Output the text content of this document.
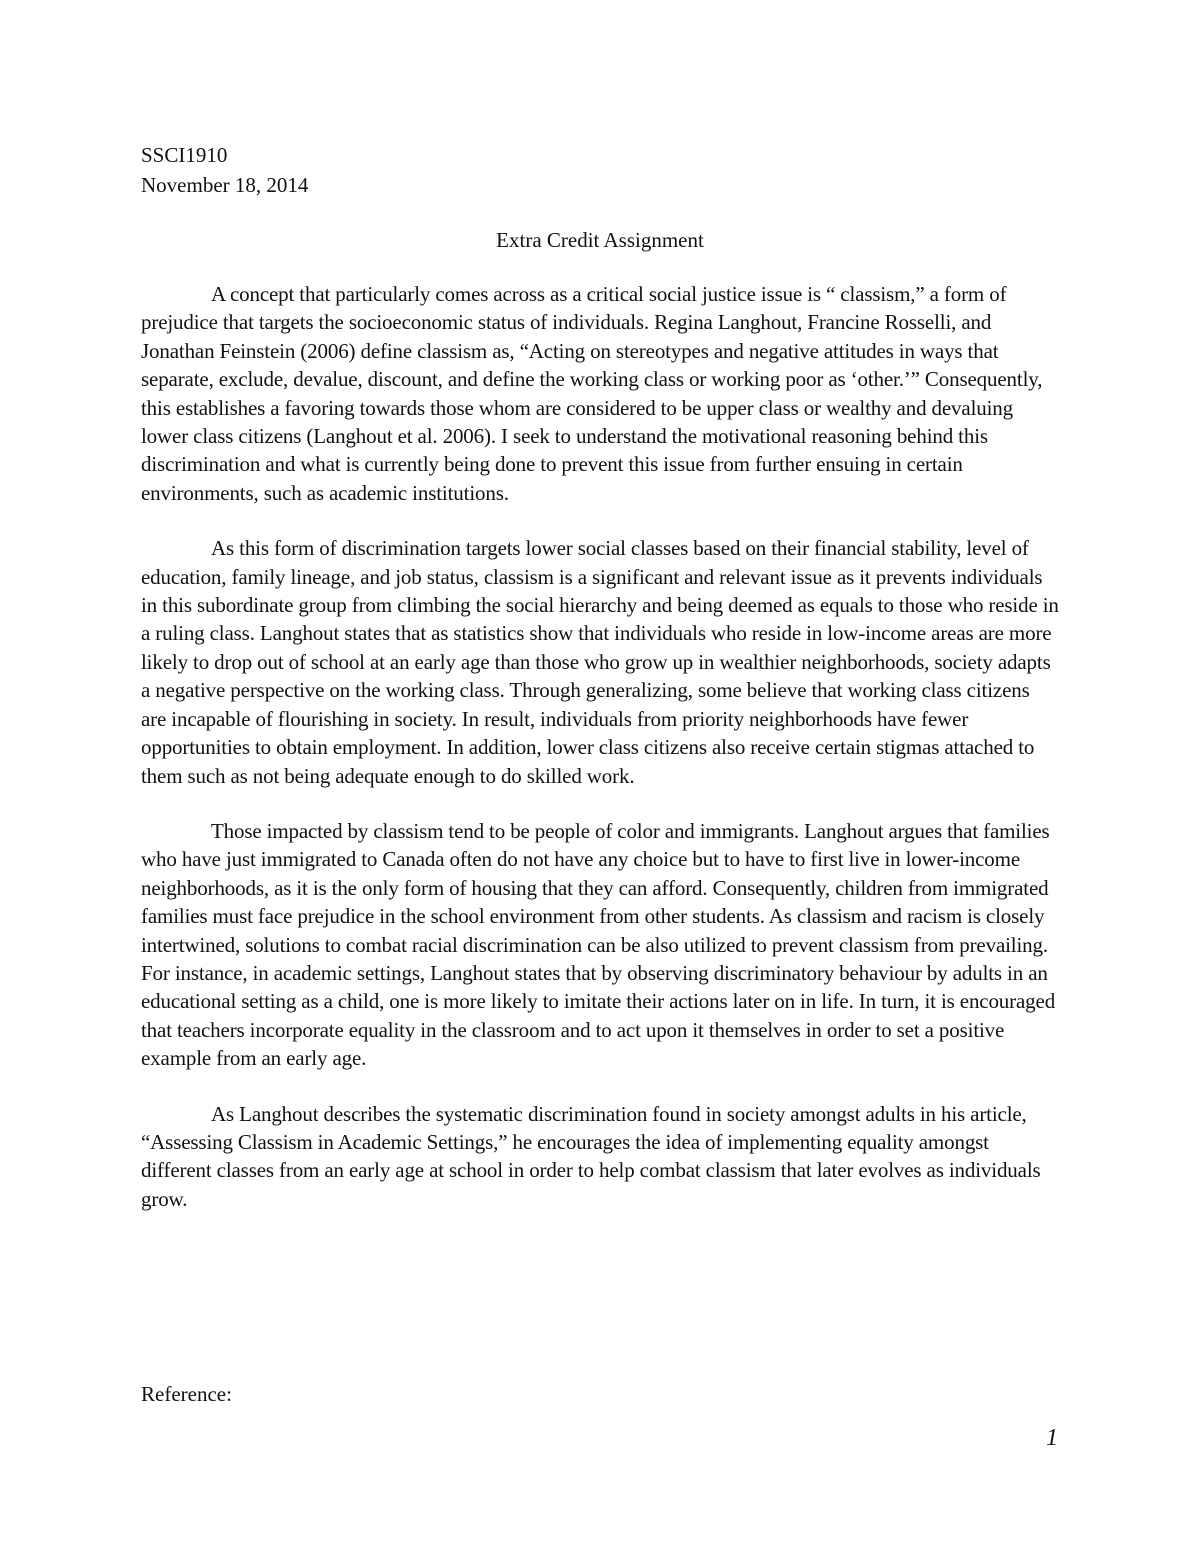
SSCI1910
November 18, 2014
Extra Credit Assignment

A concept that particularly comes across as a critical social justice issue is “ classism,” a form of prejudice that targets the socioeconomic status of individuals. Regina Langhout, Francine Rosselli, and Jonathan Feinstein (2006) define classism as, “Acting on stereotypes and negative attitudes in ways that separate, exclude, devalue, discount, and define the working class or working poor as ‘other.’” Consequently, this establishes a favoring towards those whom are considered to be upper class or wealthy and devaluing lower class citizens (Langhout et al. 2006). I seek to understand the motivational reasoning behind this discrimination and what is currently being done to prevent this issue from further ensuing in certain environments, such as academic institutions.

As this form of discrimination targets lower social classes based on their financial stability, level of education, family lineage, and job status, classism is a significant and relevant issue as it prevents individuals in this subordinate group from climbing the social hierarchy and being deemed as equals to those who reside in a ruling class. Langhout states that as statistics show that individuals who reside in low-income areas are more likely to drop out of school at an early age than those who grow up in wealthier neighborhoods, society adapts a negative perspective on the working class. Through generalizing, some believe that working class citizens are incapable of flourishing in society. In result, individuals from priority neighborhoods have fewer opportunities to obtain employment. In addition, lower class citizens also receive certain stigmas attached to them such as not being adequate enough to do skilled work.

Those impacted by classism tend to be people of color and immigrants. Langhout argues that families who have just immigrated to Canada often do not have any choice but to have to first live in lower-income neighborhoods, as it is the only form of housing that they can afford. Consequently, children from immigrated families must face prejudice in the school environment from other students. As classism and racism is closely intertwined, solutions to combat racial discrimination can be also utilized to prevent classism from prevailing. For instance, in academic settings, Langhout states that by observing discriminatory behaviour by adults in an educational setting as a child, one is more likely to imitate their actions later on in life. In turn, it is encouraged that teachers incorporate equality in the classroom and to act upon it themselves in order to set a positive example from an early age.

As Langhout describes the systematic discrimination found in society amongst adults in his article, “Assessing Classism in Academic Settings,” he encourages the idea of implementing equality amongst different classes from an early age at school in order to help combat classism that later evolves as individuals grow.

Reference:
1
